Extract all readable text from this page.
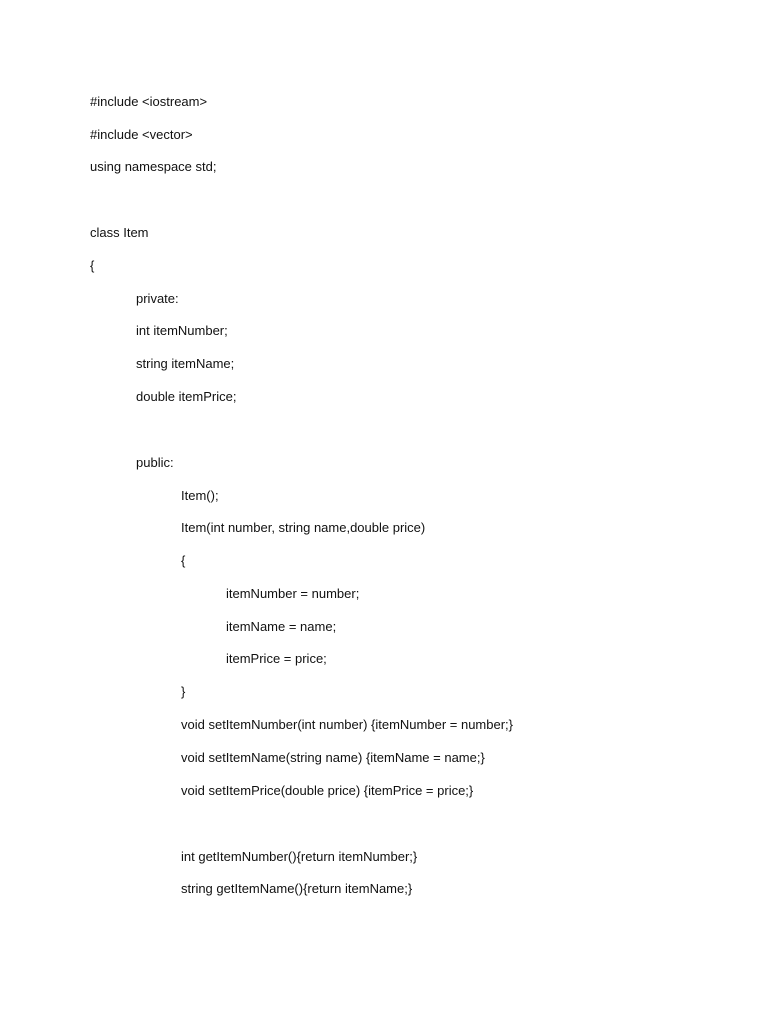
#include <iostream>
#include <vector>
using namespace std;
class Item
{
private:
int itemNumber;
string itemName;
double itemPrice;
public:
Item();
Item(int number, string name,double price)
{
itemNumber = number;
itemName = name;
itemPrice = price;
}
void setItemNumber(int number) {itemNumber = number;}
void setItemName(string name) {itemName = name;}
void setItemPrice(double price) {itemPrice = price;}
int getItemNumber(){return itemNumber;}
string getItemName(){return itemName;}
